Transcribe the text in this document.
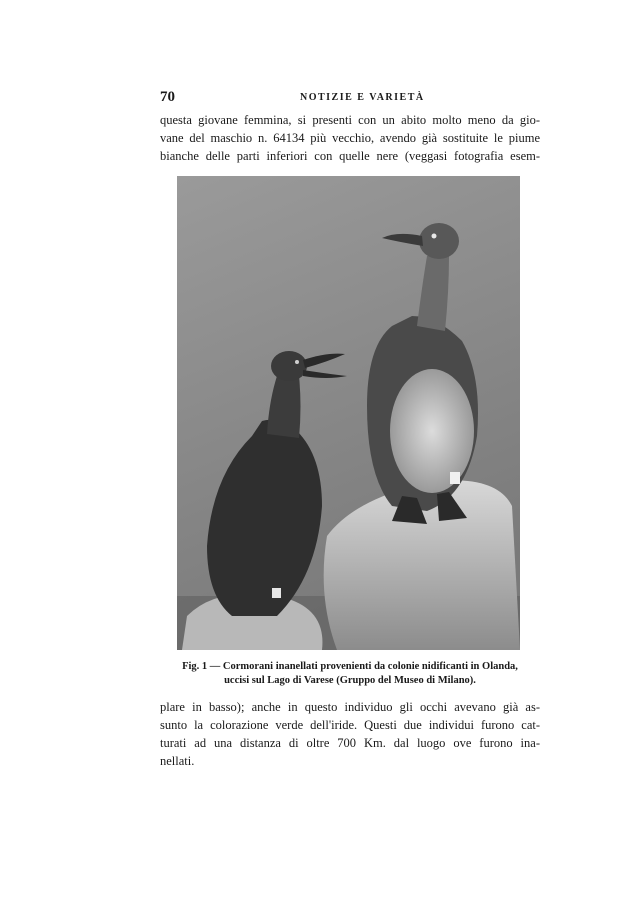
70	NOTIZIE E VARIETÀ

questa giovane femmina, si presenti con un abito molto meno da gio-
vane del maschio n. 64134 più vecchio, avendo già sostituite le piume
bianche delle parti inferiori con quelle nere (veggasi fotografia esem-

Fig. 1 — Cormorani inanellati provenienti da colonie nidificanti in Olanda,
uccisi sul Lago di Varese (Gruppo del Museo di Milano).

plare in basso); anche in questo individuo gli occhi avevano già as-
sunto la colorazione verde dell'iride. Questi due individui furono cat-
turati ad una distanza di oltre 700 Km. dal luogo ove furono ina-
nellati.
